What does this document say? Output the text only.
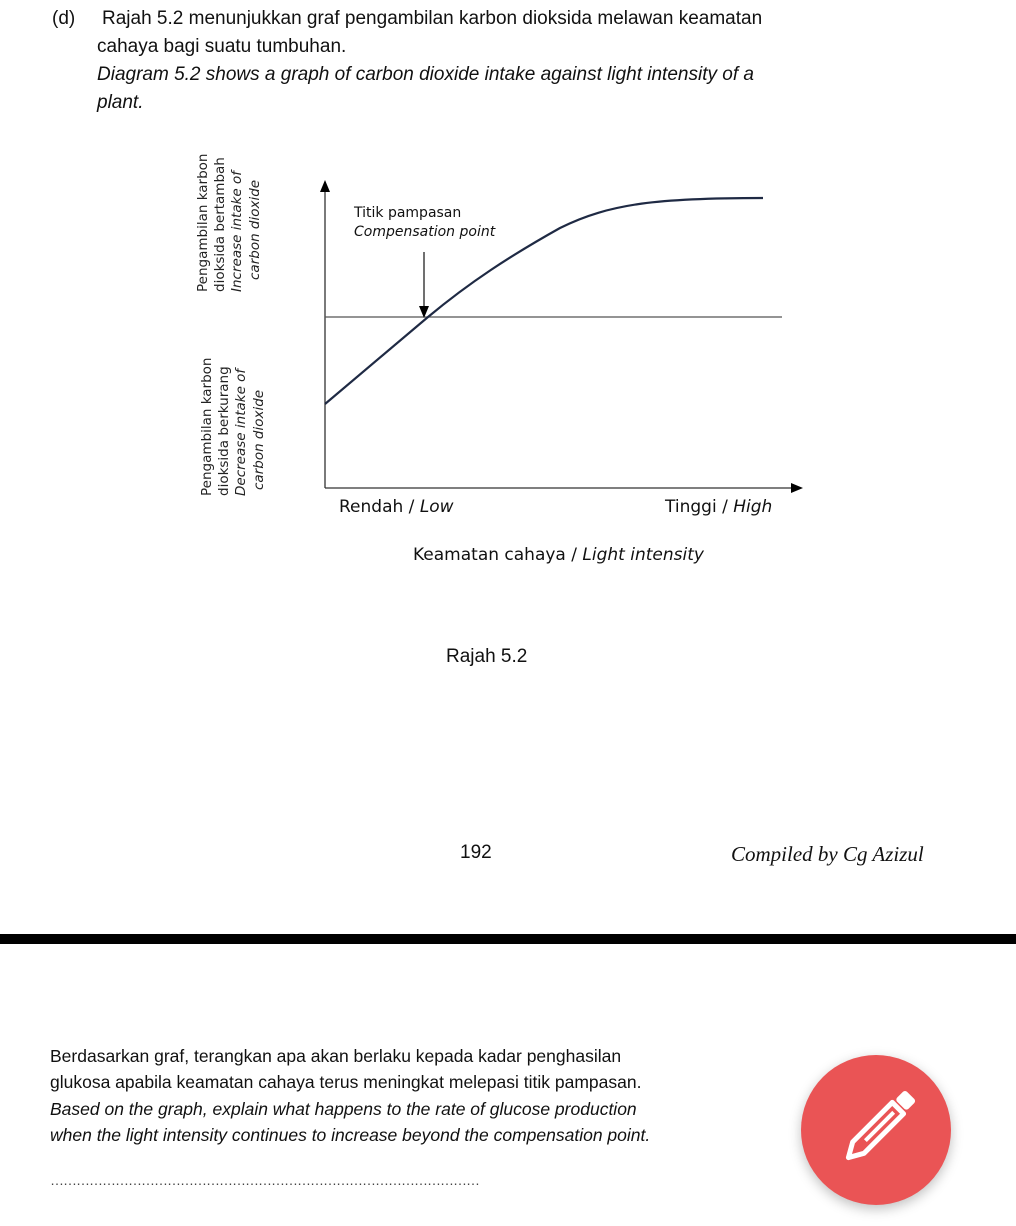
(d) Rajah 5.2 menunjukkan graf pengambilan karbon dioksida melawan keamatan
cahaya bagi suatu tumbuhan.
Diagram 5.2 shows a graph of carbon dioxide intake against light intensity of a
plant.
Pengambilan karbon dioksida bertambah Increase intake of carbon dioxide
Pengambilan karbon dioksida berkurang Decrease intake of carbon dioxide
Titik pampasan
Compensation point
Rendah / Low	Tinggi / High
Keamatan cahaya / Light intensity
Rajah 5.2
192	Compiled by Cg Azizul
Berdasarkan graf, terangkan apa akan berlaku kepada kadar penghasilan
glukosa apabila keamatan cahaya terus meningkat melepasi titik pampasan.
Based on the graph, explain what happens to the rate of glucose production
when the light intensity continues to increase beyond the compensation point.
………………………………………………………………………………………
